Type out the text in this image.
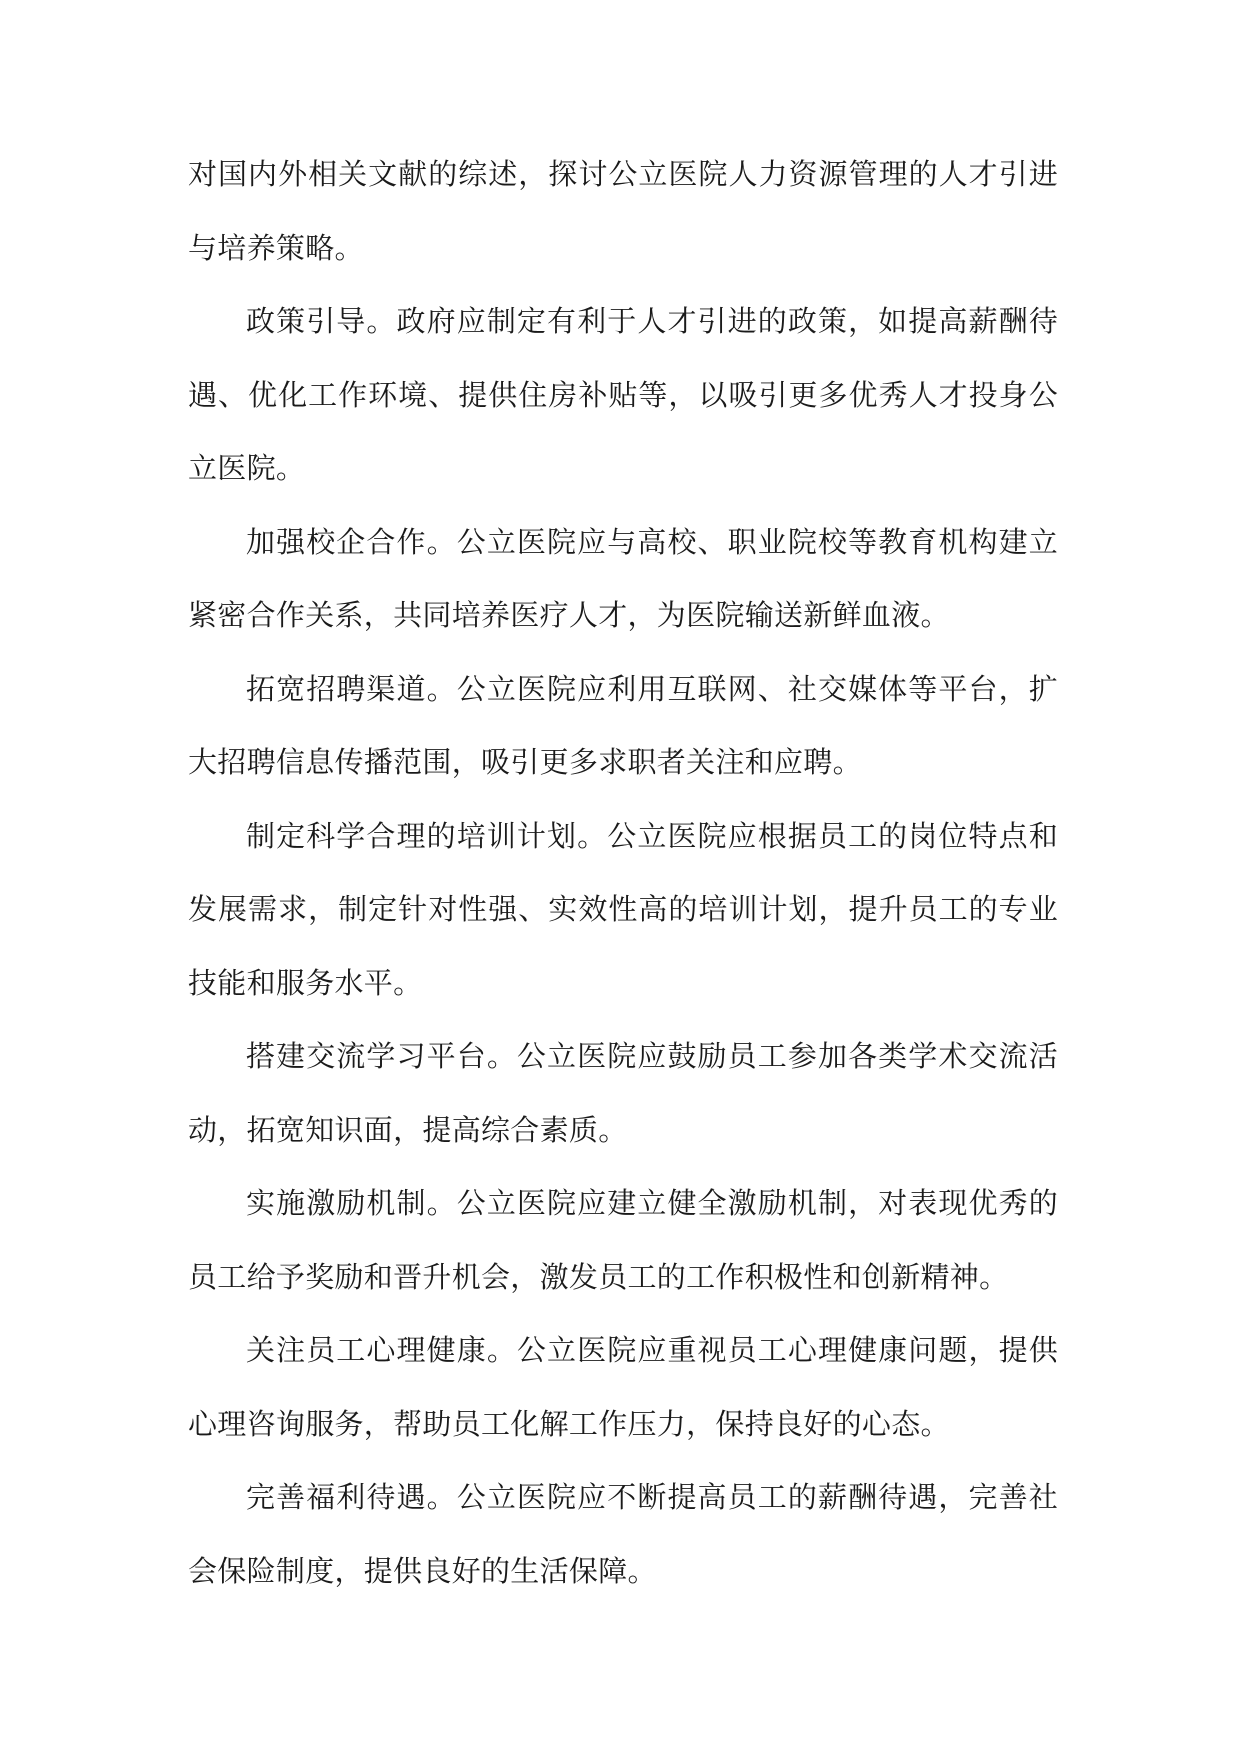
对国内外相关文献的综述，探讨公立医院人力资源管理的人才引进与培养策略。

政策引导。政府应制定有利于人才引进的政策，如提高薪酬待遇、优化工作环境、提供住房补贴等，以吸引更多优秀人才投身公立医院。

加强校企合作。公立医院应与高校、职业院校等教育机构建立紧密合作关系，共同培养医疗人才，为医院输送新鲜血液。

拓宽招聘渠道。公立医院应利用互联网、社交媒体等平台，扩大招聘信息传播范围，吸引更多求职者关注和应聘。

制定科学合理的培训计划。公立医院应根据员工的岗位特点和发展需求，制定针对性强、实效性高的培训计划，提升员工的专业技能和服务水平。

搭建交流学习平台。公立医院应鼓励员工参加各类学术交流活动，拓宽知识面，提高综合素质。

实施激励机制。公立医院应建立健全激励机制，对表现优秀的员工给予奖励和晋升机会，激发员工的工作积极性和创新精神。

关注员工心理健康。公立医院应重视员工心理健康问题，提供心理咨询服务，帮助员工化解工作压力，保持良好的心态。

完善福利待遇。公立医院应不断提高员工的薪酬待遇，完善社会保险制度，提供良好的生活保障。
